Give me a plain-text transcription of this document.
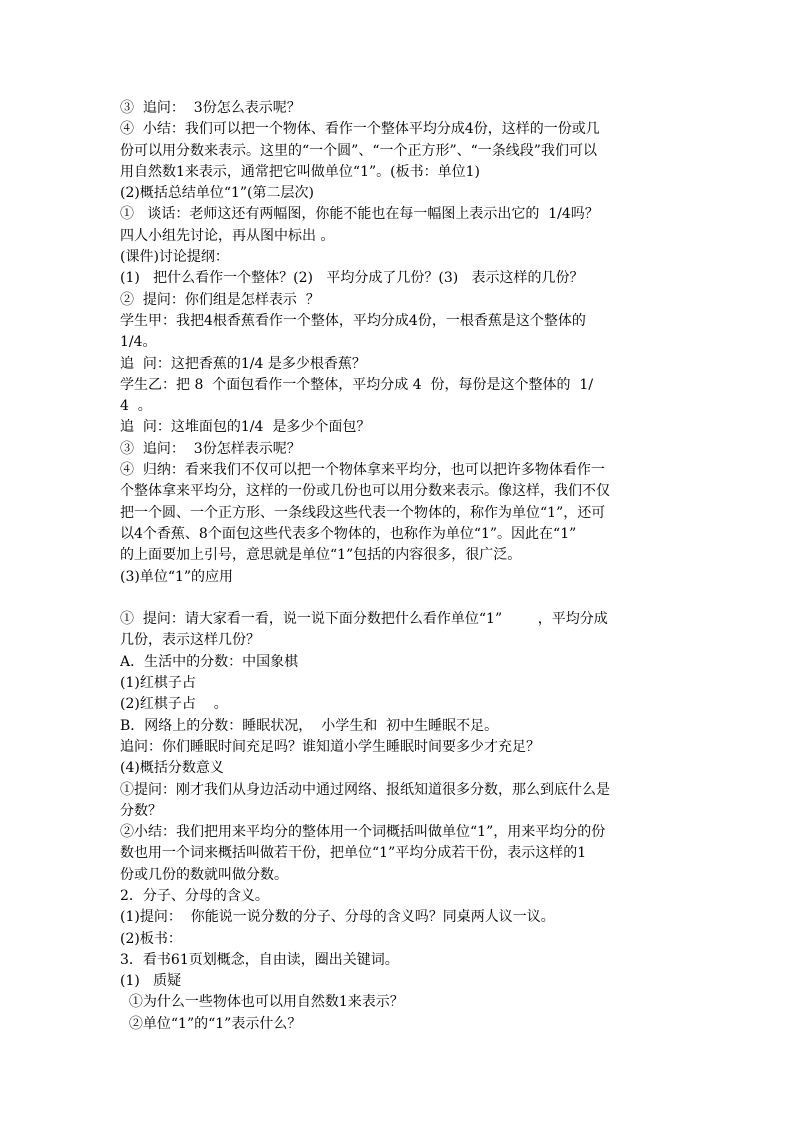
③  追问：  3份怎么表示呢？
④  小结：我们可以把一个物体、看作一个整体平均分成4份，这样的一份或几
份可以用分数来表示。这里的“一个圆”、“一个正方形”、“一条线段”我们可以
用自然数1来表示，通常把它叫做单位“1”。(板书：单位1)
(2)概括总结单位“1”(第二层次)
①   谈话：老师这还有两幅图，你能不能也在每一幅图上表示出它的  1/4吗？
四人小组先讨论，再从图中标出 。
(课件)讨论提纲：
(1)   把什么看作一个整体？(2)   平均分成了几份？(3)   表示这样的几份？
②  提问：你们组是怎样表示  ？
学生甲：我把4根香蕉看作一个整体，平均分成4份，一根香蕉是这个整体的
1/4。
追  问：这把香蕉的1/4 是多少根香蕉？
学生乙：把 8  个面包看作一个整体，平均分成 4  份，每份是这个整体的  1/
4  。
追  问：这堆面包的1/4  是多少个面包？
③  追问：  3份怎样表示呢？
④  归纳：看来我们不仅可以把一个物体拿来平均分，也可以把许多物体看作一
个整体拿来平均分，这样的一份或几份也可以用分数来表示。像这样，我们不仅
把一个圆、一个正方形、一条线段这些代表一个物体的，称作为单位“1”，还可
以4个香蕉、8个面包这些代表多个物体的，也称作为单位“1”。因此在“1”
的上面要加上引号，意思就是单位“1”包括的内容很多，很广泛。
(3)单位“1”的应用
①  提问：请大家看一看，说一说下面分数把什么看作单位“1”        ，平均分成
几份，表示这样几份？
A．生活中的分数：中国象棋
(1)红棋子占
(2)红棋子占    。
B．网络上的分数：睡眠状况，  小学生和  初中生睡眠不足。
追问：你们睡眠时间充足吗？谁知道小学生睡眠时间要多少才充足？
(4)概括分数意义
①提问：刚才我们从身边活动中通过网络、报纸知道很多分数，那么到底什么是
分数？
②小结：我们把用来平均分的整体用一个词概括叫做单位“1”，用来平均分的份
数也用一个词来概括叫做若干份，把单位“1”平均分成若干份，表示这样的1
份或几份的数就叫做分数。
2．分子、分母的含义。
(1)提问：  你能说一说分数的分子、分母的含义吗？同桌两人议一议。
(2)板书：
3．看书61页划概念，自由读，圈出关键词。
(1)   质疑
①为什么一些物体也可以用自然数1来表示？
②单位“1”的“1”表示什么？
